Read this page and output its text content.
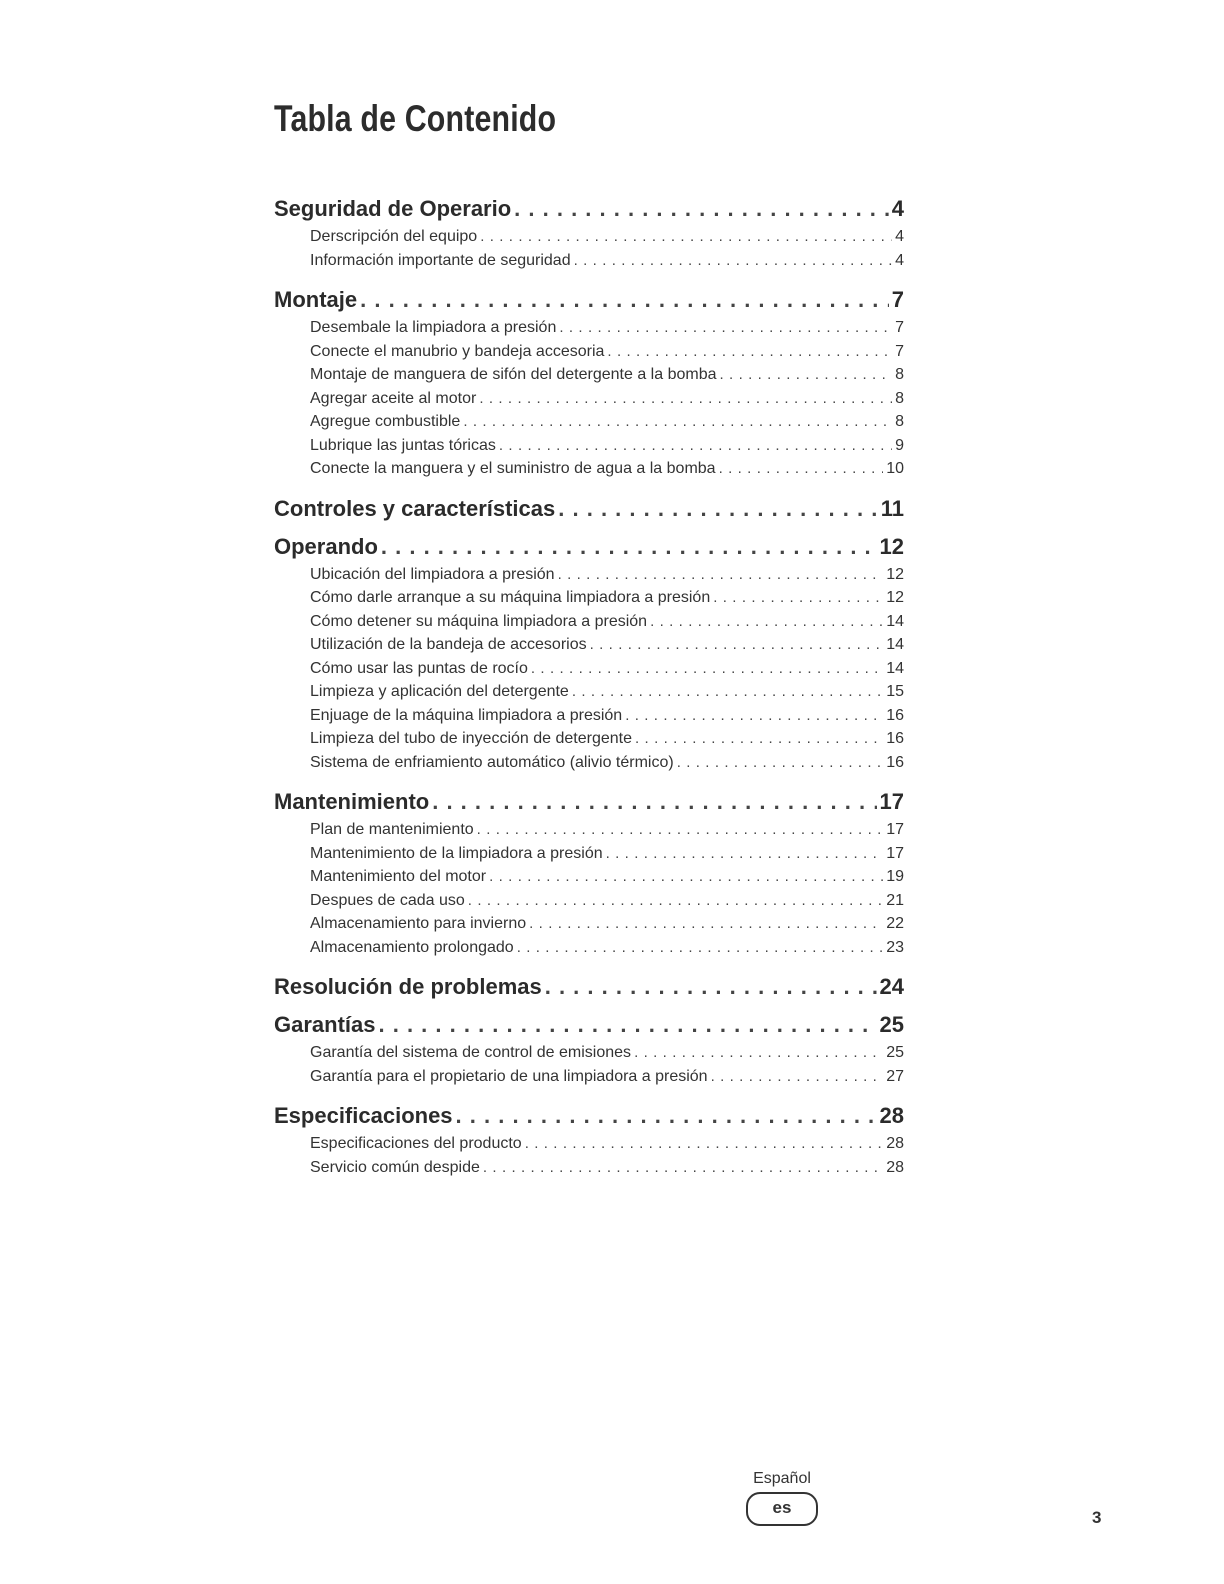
Tabla de Contenido
Seguridad de Operario . . .	4
Derscripción del equipo . . .	4
Información importante de seguridad . . .	4
Montaje . . .	7
Desembale la limpiadora a presión . . .	7
Conecte el manubrio y bandeja accesoria . . .	7
Montaje de manguera de sifón del detergente a la bomba . . .	8
Agregar aceite al motor . . .	8
Agregue combustible . . .	8
Lubrique las juntas tóricas . . .	9
Conecte la manguera y el suministro de agua a la bomba . . .	10
Controles y características . . .	11
Operando . . .	12
Ubicación del limpiadora a presión . . .	12
Cómo darle arranque a su máquina limpiadora a presión . . .	12
Cómo detener su máquina limpiadora a presión . . .	14
Utilización de la bandeja de accesorios . . .	14
Cómo usar las puntas de rocío . . .	14
Limpieza y aplicación del detergente . . .	15
Enjuage de la máquina limpiadora a presión . . .	16
Limpieza del tubo de inyección de detergente . . .	16
Sistema de enfriamiento automático (alivio térmico) . . .	16
Mantenimiento . . .	17
Plan de mantenimiento . . .	17
Mantenimiento de la limpiadora a presión . . .	17
Mantenimiento del motor . . .	19
Despues de cada uso . . .	21
Almacenamiento para invierno . . .	22
Almacenamiento prolongado . . .	23
Resolución de problemas . . .	24
Garantías . . .	25
Garantía del sistema de control de emisiones . . .	25
Garantía para el propietario de una limpiadora a presión . . .	27
Especificaciones . . .	28
Especificaciones del producto . . .	28
Servicio común despide . . .	28
Español
es
3
